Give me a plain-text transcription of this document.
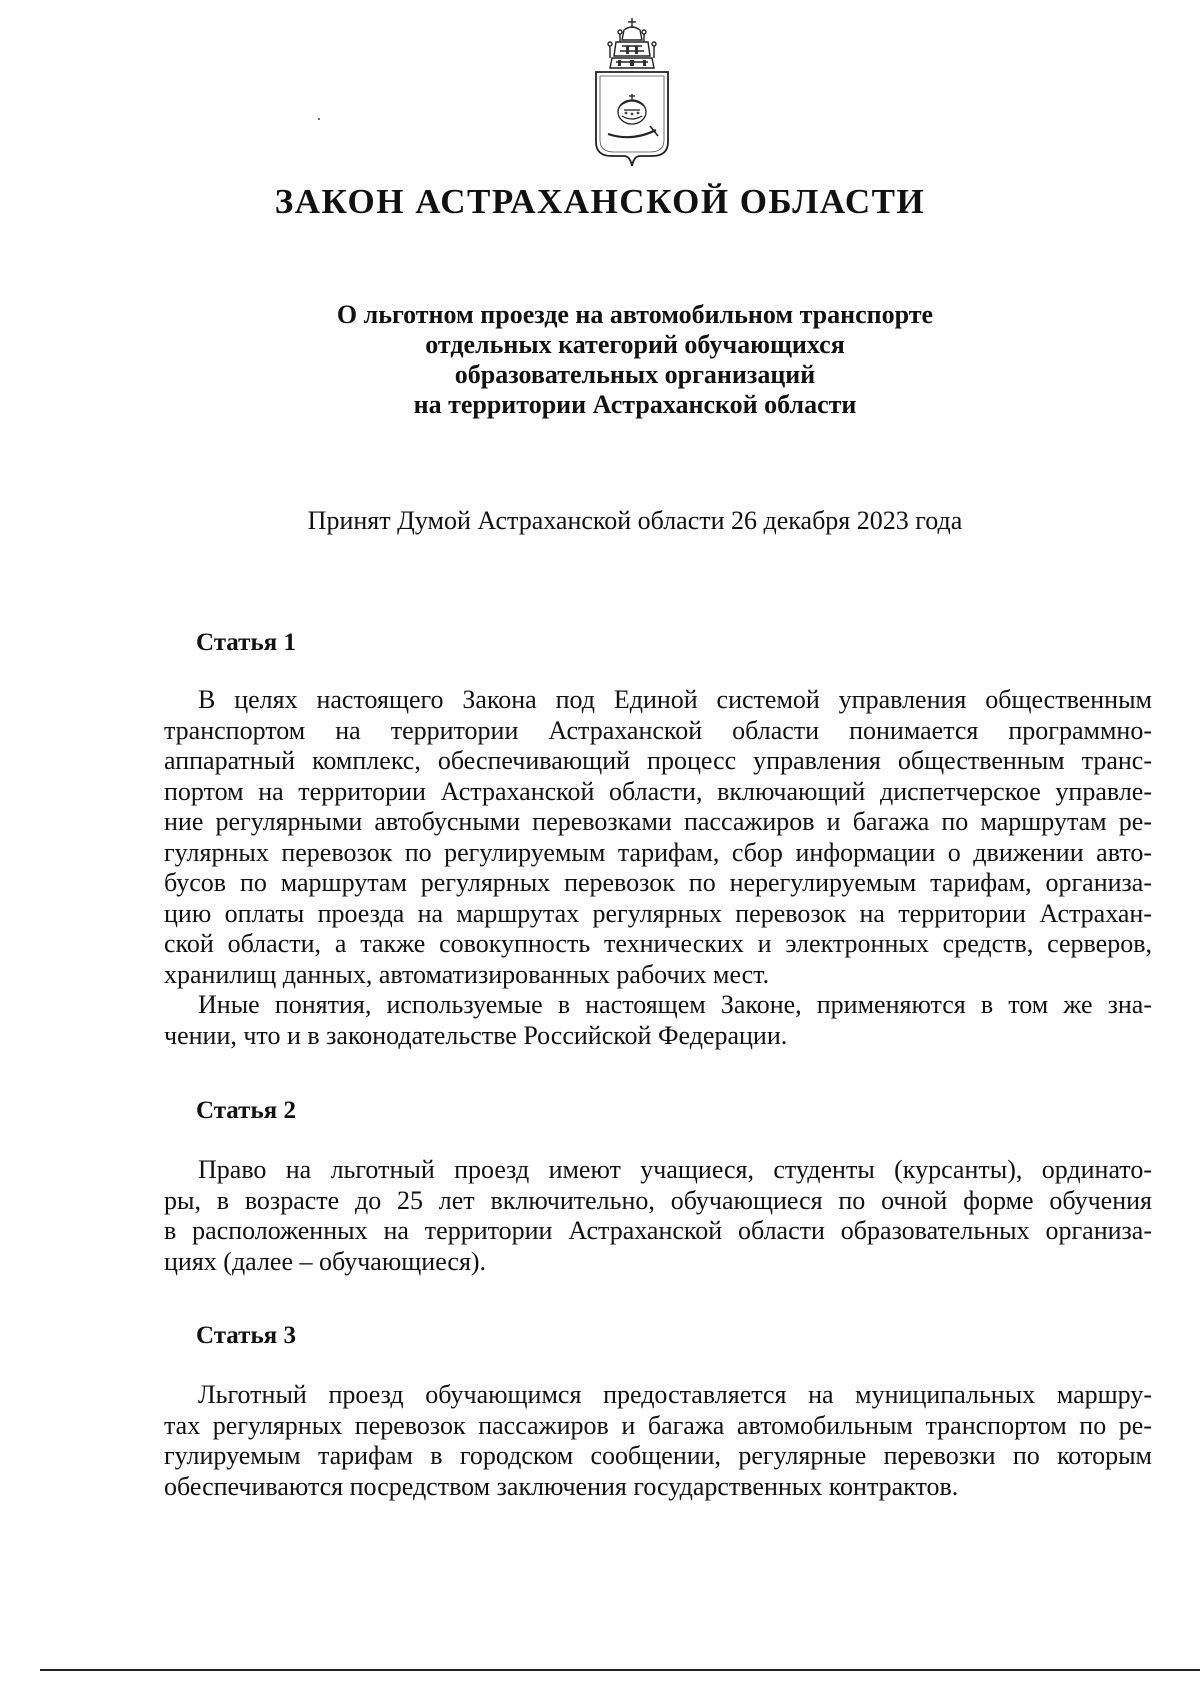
ЗАКОН АСТРАХАНСКОЙ ОБЛАСТИ
О льготном проезде на автомобильном транспорте
отдельных категорий обучающихся
образовательных организаций
на территории Астраханской области
Принят Думой Астраханской области 26 декабря 2023 года
Статья 1
В целях настоящего Закона под Единой системой управления общественным
транспортом на территории Астраханской области понимается программно-
аппаратный комплекс, обеспечивающий процесс управления общественным транс-
портом на территории Астраханской области, включающий диспетчерское управле-
ние регулярными автобусными перевозками пассажиров и багажа по маршрутам ре-
гулярных перевозок по регулируемым тарифам, сбор информации о движении авто-
бусов по маршрутам регулярных перевозок по нерегулируемым тарифам, организа-
цию оплаты проезда на маршрутах регулярных перевозок на территории Астрахан-
ской области, а также совокупность технических и электронных средств, серверов,
хранилищ данных, автоматизированных рабочих мест.
Иные понятия, используемые в настоящем Законе, применяются в том же зна-
чении, что и в законодательстве Российской Федерации.
Статья 2
Право на льготный проезд имеют учащиеся, студенты (курсанты), ординато-
ры, в возрасте до 25 лет включительно, обучающиеся по очной форме обучения
в расположенных на территории Астраханской области образовательных организа-
циях (далее – обучающиеся).
Статья 3
Льготный проезд обучающимся предоставляется на муниципальных маршру-
тах регулярных перевозок пассажиров и багажа автомобильным транспортом по ре-
гулируемым тарифам в городском сообщении, регулярные перевозки по которым
обеспечиваются посредством заключения государственных контрактов.
